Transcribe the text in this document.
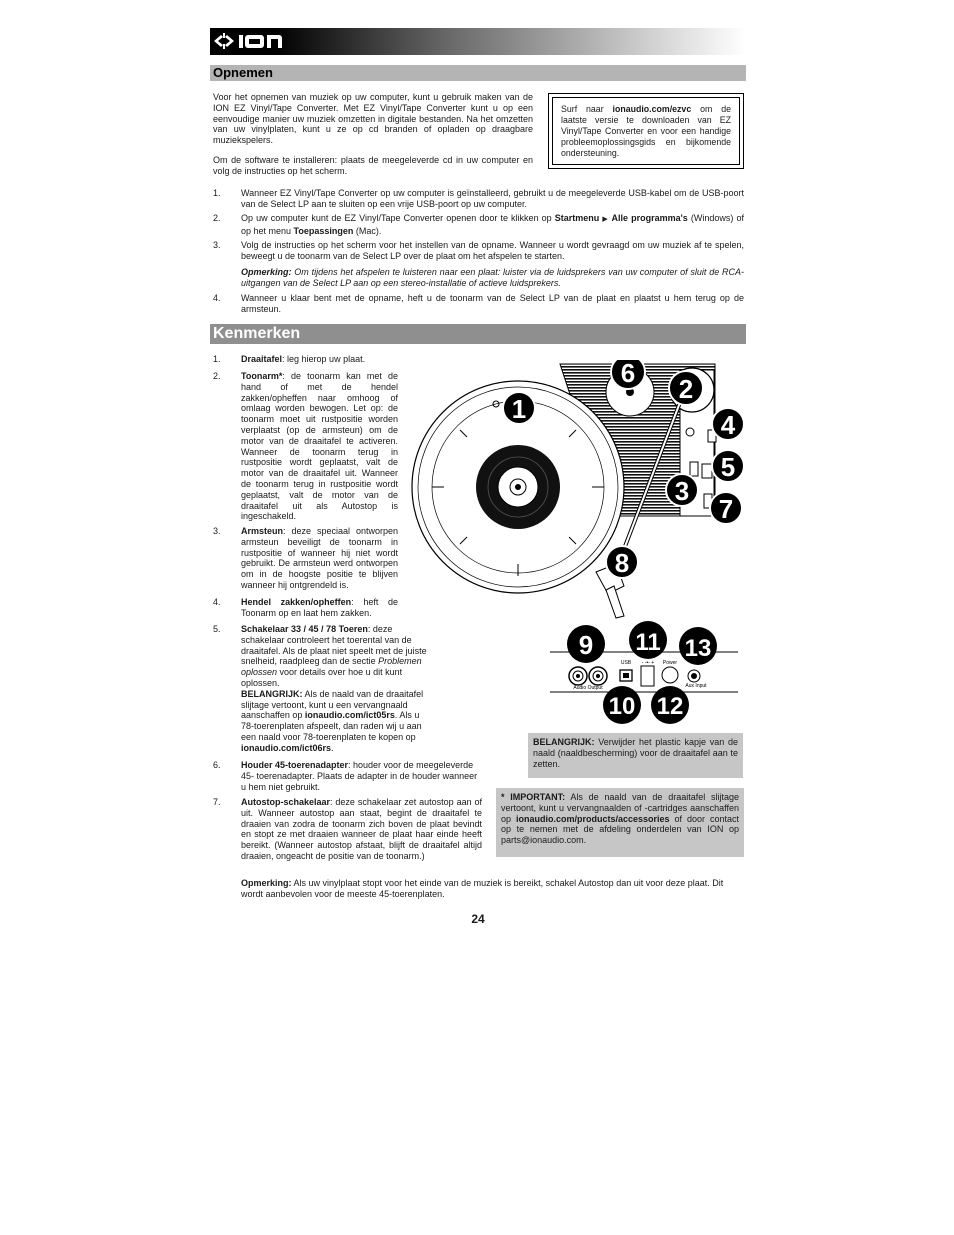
Opnemen
Voor het opnemen van muziek op uw computer, kunt u gebruik maken van de ION EZ Vinyl/Tape Converter. Met EZ Vinyl/Tape Converter kunt u op een eenvoudige manier uw muziek omzetten in digitale bestanden. Na het omzetten van uw vinylplaten, kunt u ze op cd branden of opladen op draagbare muziekspelers.
Om de software te installeren: plaats de meegeleverde cd in uw computer en volg de instructies op het scherm.
Surf naar ionaudio.com/ezvc om de laatste versie te downloaden van EZ Vinyl/Tape Converter en voor een handige probleemoplossingsgids en bijkomende ondersteuning.
1.	Wanneer EZ Vinyl/Tape Converter op uw computer is geïnstalleerd, gebruikt u de meegeleverde USB-kabel om de USB-poort van de Select LP aan te sluiten op een vrije USB-poort op uw computer.
2.	Op uw computer kunt de EZ Vinyl/Tape Converter openen door te klikken op Startmenu ▶ Alle programma's (Windows) of op het menu Toepassingen (Mac).
3.	Volg de instructies op het scherm voor het instellen van de opname. Wanneer u wordt gevraagd om uw muziek af te spelen, beweegt u de toonarm van de Select LP over de plaat om het afspelen te starten.
Opmerking: Om tijdens het afspelen te luisteren naar een plaat: luister via de luidsprekers van uw computer of sluit de RCA-uitgangen van de Select LP aan op een stereo-installatie of actieve luidsprekers.
4.	Wanneer u klaar bent met de opname, heft u de toonarm van de Select LP van de plaat en plaatst u hem terug op de armsteun.
Kenmerken
1.	Draaitafel: leg hierop uw plaat.
2.	Toonarm*: de toonarm kan met de hand of met de hendel zakken/opheffen naar omhoog of omlaag worden bewogen. Let op: de toonarm moet uit rustpositie worden verplaatst (op de armsteun) om de motor van de draaitafel te activeren. Wanneer de toonarm terug in rustpositie wordt geplaatst, valt de motor van de draaitafel uit. Wanneer de toonarm terug in rustpositie wordt geplaatst, valt de motor van de draaitafel uit als Autostop is ingeschakeld.
3.	Armsteun: deze speciaal ontworpen armsteun beveiligt de toonarm in rustpositie of wanneer hij niet wordt gebruikt. De armsteun werd ontworpen om in de hoogste positie te blijven wanneer hij ontgrendeld is.
4.	Hendel zakken/opheffen: heft de Toonarm op en laat hem zakken.
5.	Schakelaar 33 / 45 / 78 Toeren: deze schakelaar controleert het toerental van de draaitafel. Als de plaat niet speelt met de juiste snelheid, raadpleeg dan de sectie Problemen oplossen voor details over hoe u dit kunt oplossen.
BELANGRIJK: Als de naald van de draaitafel slijtage vertoont, kunt u een vervangnaald aanschaffen op ionaudio.com/ict05rs. Als u 78-toerenplaten afspeelt, dan raden wij u aan een naald voor 78-toerenplaten te kopen op ionaudio.com/ict06rs.
6.	Houder 45-toerenadapter: houder voor de meegeleverde 45- toerenadapter. Plaats de adapter in de houder wanneer u hem niet gebruikt.
7.	Autostop-schakelaar: deze schakelaar zet autostop aan of uit. Wanneer autostop aan staat, begint de draaitafel te draaien van zodra de toonarm zich boven de plaat bevindt en stopt ze met draaien wanneer de plaat haar einde heeft bereikt. (Wanneer autostop afstaat, blijft de draaitafel altijd draaien, ongeacht de positie van de toonarm.)
BELANGRIJK: Verwijder het plastic kapje van de naald (naaldbescherming) voor de draaitafel aan te zetten.
* IMPORTANT: Als de naald van de draaitafel slijtage vertoont, kunt u vervangnaalden of -cartridges aanschaffen op ionaudio.com/products/accessories of door contact op te nemen met de afdeling onderdelen van ION op parts@ionaudio.com.
Opmerking: Als uw vinylplaat stopt voor het einde van de muziek is bereikt, schakel Autostop dan uit voor deze plaat. Dit wordt aanbevolen voor de meeste 45-toerenplaten.
24
1
6
2
4
5
3
7
8
Audio Output
USB - -•- + Power
Aux Input
9 11 13
10 12
